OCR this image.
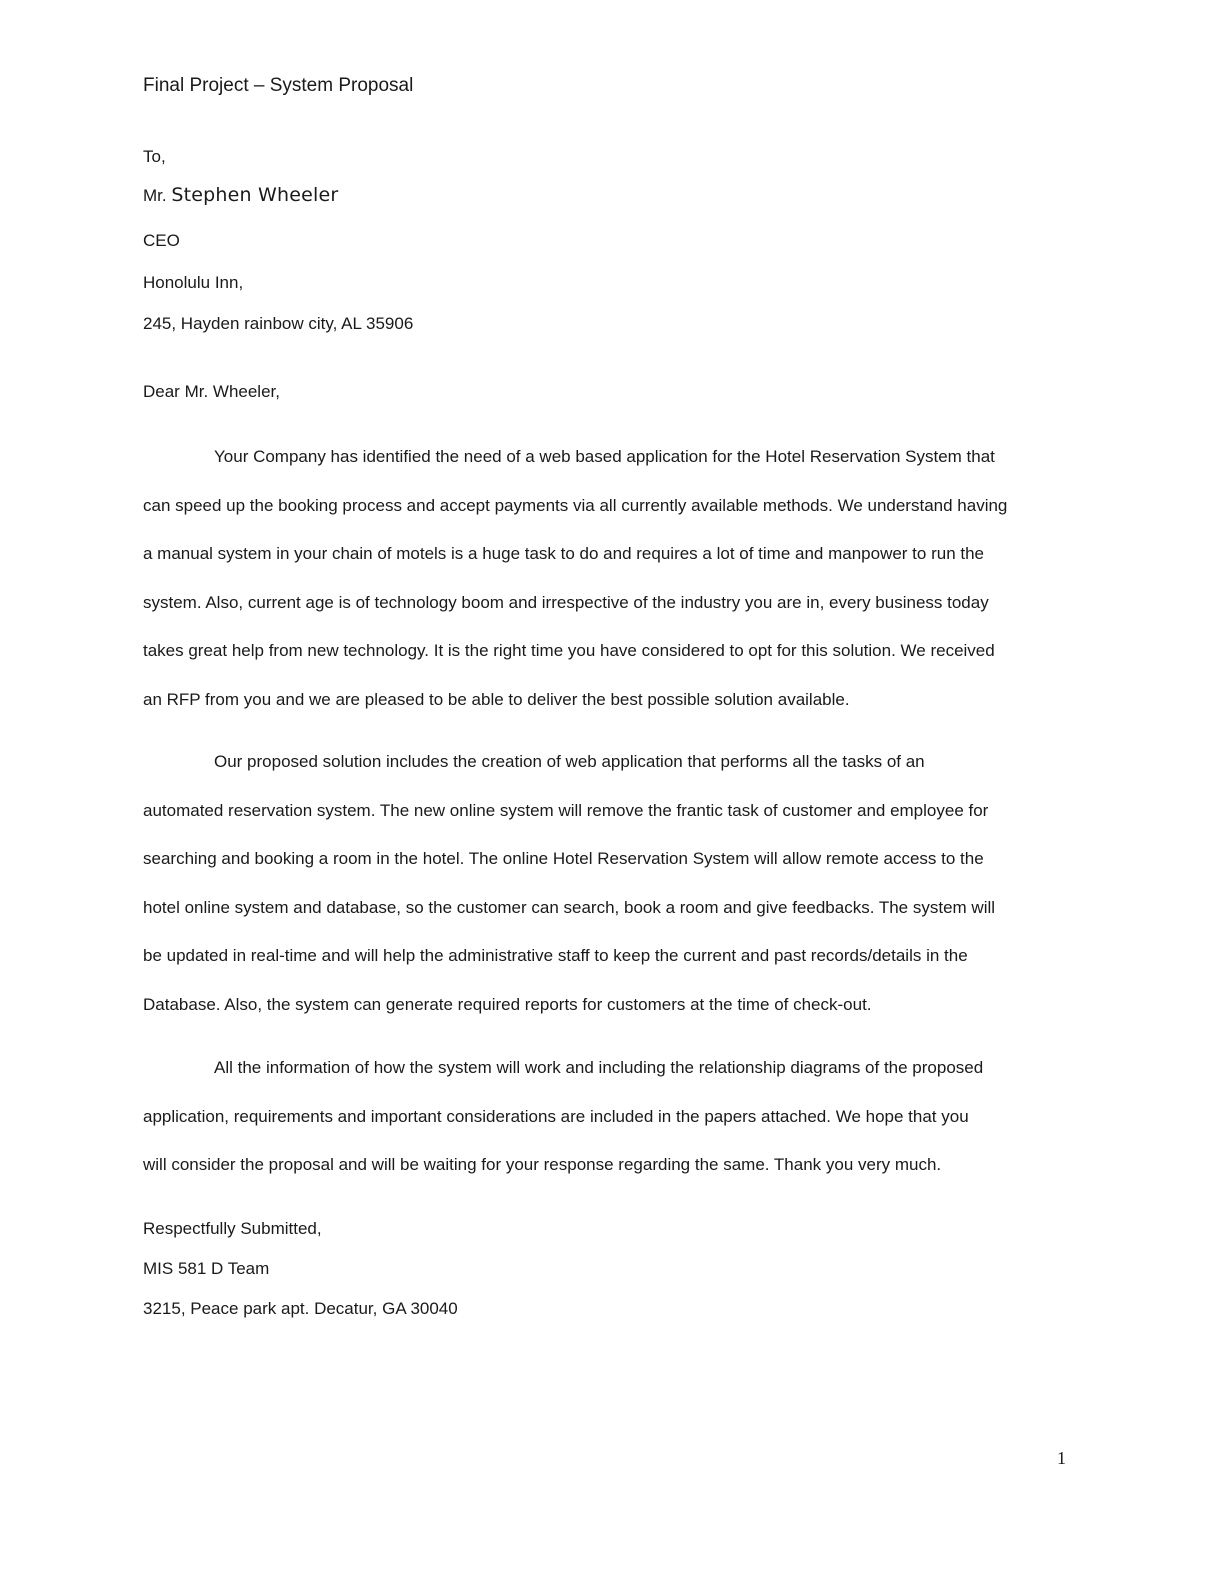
Final Project – System Proposal
To,
Mr. Stephen Wheeler
CEO
Honolulu Inn,
245, Hayden rainbow city, AL 35906
Dear Mr. Wheeler,
Your Company has identified the need of a web based application for the Hotel Reservation System that
can speed up the booking process and accept payments via all currently available methods. We understand having
a manual system in your chain of motels is a huge task to do and requires a lot of time and manpower to run the
system. Also, current age is of technology boom and irrespective of the industry you are in, every business today
takes great help from new technology. It is the right time you have considered to opt for this solution. We received
an RFP from you and we are pleased to be able to deliver the best possible solution available.
Our proposed solution includes the creation of web application that performs all the tasks of an
automated reservation system. The new online system will remove the frantic task of customer and employee for
searching and booking a room in the hotel. The online Hotel Reservation System will allow remote access to the
hotel online system and database, so the customer can search, book a room and give feedbacks. The system will
be updated in real-time and will help the administrative staff to keep the current and past records/details in the
Database. Also, the system can generate required reports for customers at the time of check-out.
All the information of how the system will work and including the relationship diagrams of the proposed
application, requirements and important considerations are included in the papers attached. We hope that you
will consider the proposal and will be waiting for your response regarding the same. Thank you very much.
Respectfully Submitted,
MIS 581 D Team
3215, Peace park apt. Decatur, GA 30040
1
